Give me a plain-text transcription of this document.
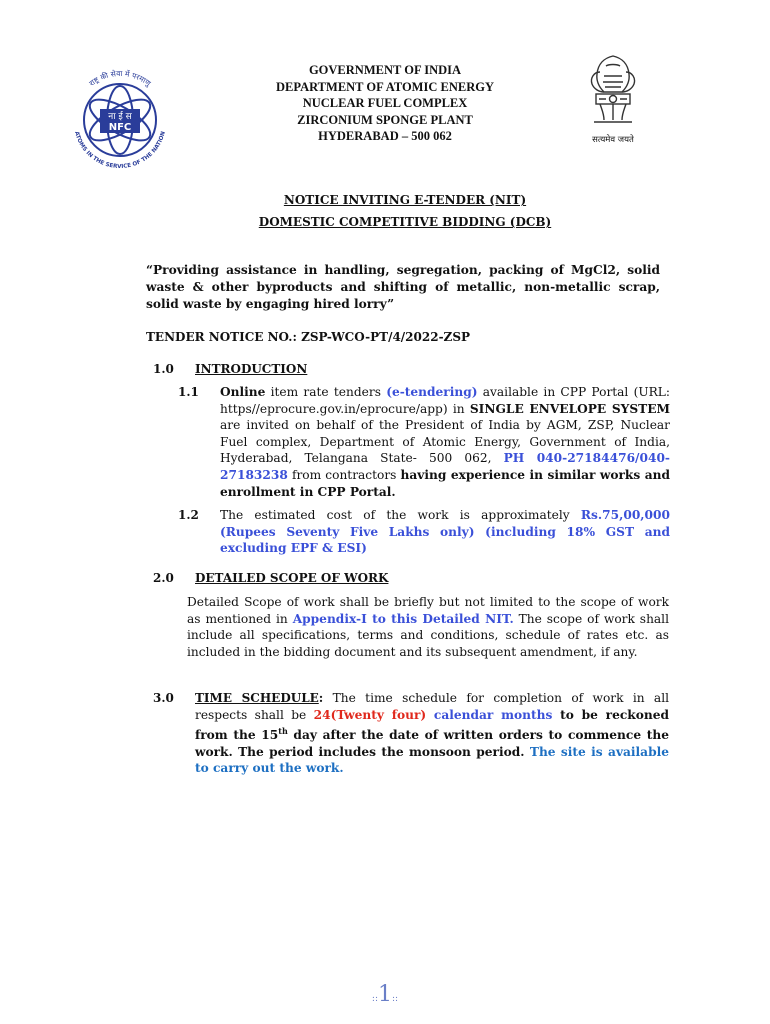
ना ई स
NFC
राष्ट्र की सेवा में परमाणु
ATOMS IN THE SERVICE OF THE NATION
GOVERNMENT OF INDIA
DEPARTMENT OF ATOMIC ENERGY
NUCLEAR FUEL COMPLEX
ZIRCONIUM SPONGE PLANT
HYDERABAD – 500 062	सत्यमेव जयते
NOTICE INVITING E-TENDER (NIT)
DOMESTIC COMPETITIVE BIDDING (DCB)
“Providing assistance in handling, segregation, packing of MgCl2, solid waste & other byproducts and shifting of metallic, non-metallic scrap, solid waste by engaging hired lorry”
TENDER NOTICE NO.: ZSP-WCO-PT/4/2022-ZSP
1.0 INTRODUCTION
1.1 Online item rate tenders (e-tendering) available in CPP Portal (URL: https//eprocure.gov.in/eprocure/app) in SINGLE ENVELOPE SYSTEM are invited on behalf of the President of India by AGM, ZSP, Nuclear Fuel complex, Department of Atomic Energy, Government of India, Hyderabad, Telangana State- 500 062, PH 040-27184476/040-27183238 from contractors having experience in similar works and enrollment in CPP Portal.
1.2 The estimated cost of the work is approximately Rs.75,00,000 (Rupees Seventy Five Lakhs only) (including 18% GST and excluding EPF & ESI)
2.0 DETAILED SCOPE OF WORK
Detailed Scope of work shall be briefly but not limited to the scope of work as mentioned in Appendix-I to this Detailed NIT. The scope of work shall include all specifications, terms and conditions, schedule of rates etc. as included in the bidding document and its subsequent amendment, if any.
3.0 TIME SCHEDULE: The time schedule for completion of work in all respects shall be 24(Twenty four) calendar months to be reckoned from the 15th day after the date of written orders to commence the work. The period includes the monsoon period. The site is available to carry out the work.
::1::
